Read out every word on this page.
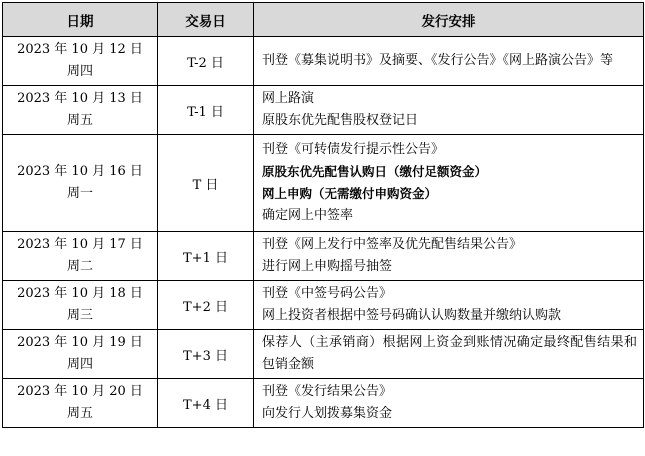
日期	交易日	发行安排

2023 年 10 月 12 日
周四	T-2 日	刊登《募集说明书》及摘要、《发行公告》《网上路演公告》等

2023 年 10 月 13 日
周五	T-1 日	网上路演
原股东优先配售股权登记日

2023 年 10 月 16 日
周一	T 日	刊登《可转债发行提示性公告》
原股东优先配售认购日（缴付足额资金）
网上申购（无需缴付申购资金）
确定网上中签率

2023 年 10 月 17 日
周二	T+1 日	刊登《网上发行中签率及优先配售结果公告》
进行网上申购摇号抽签

2023 年 10 月 18 日
周三	T+2 日	刊登《中签号码公告》
网上投资者根据中签号码确认认购数量并缴纳认购款

2023 年 10 月 19 日
周四	T+3 日	保荐人（主承销商）根据网上资金到账情况确定最终配售结果和包销金额

2023 年 10 月 20 日
周五	T+4 日	刊登《发行结果公告》
向发行人划拨募集资金
